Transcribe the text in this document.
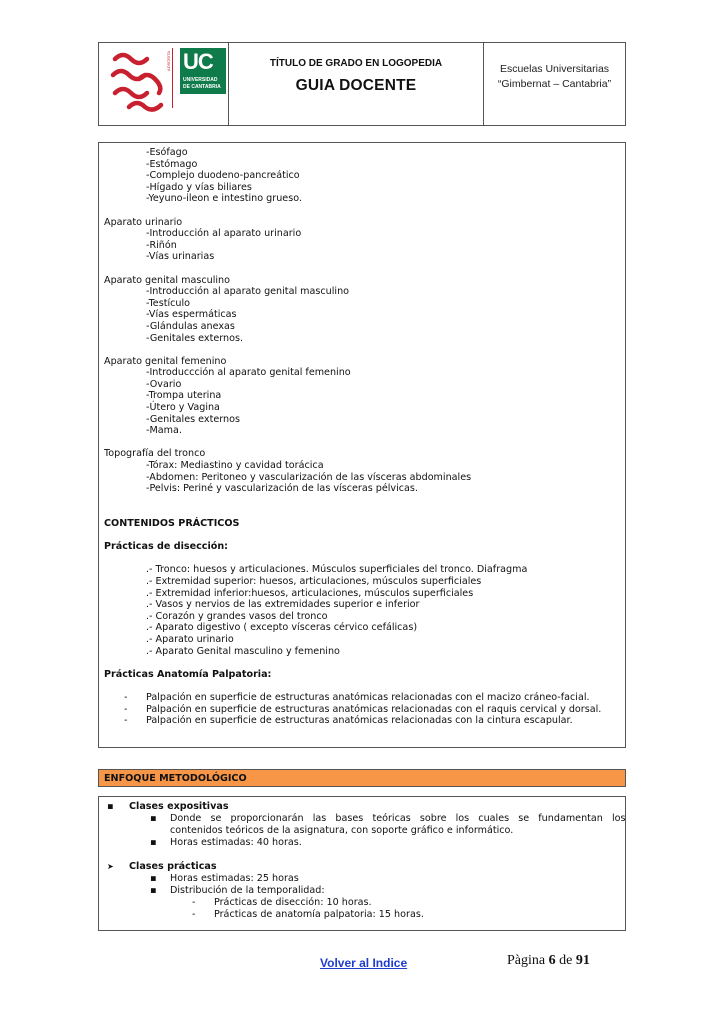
ADSCRITA UC
UNIVERSIDAD
DE CANTABRIA
TÍTULO DE GRADO EN LOGOPEDIA
GUIA DOCENTE
Escuelas Universitarias
“Gimbernat – Cantabria”

-Esófago

-Estómago

-Complejo duodeno-pancreático

-Hígado y vías biliares

-Yeyuno-ileon e intestino grueso.

Aparato urinario

-Introducción al aparato urinario

-Riñón

-Vías urinarias

Aparato genital masculino

-Introducción al aparato genital masculino

-Testículo

-Vías espermáticas

-Glándulas anexas

-Genitales externos.

Aparato genital femenino

-Introduccción al aparato genital femenino

-Ovario

-Trompa uterina

-Útero y Vagina

-Genitales externos

-Mama.

Topografía del tronco

-Tórax: Mediastino y cavidad torácica

-Abdomen: Peritoneo y vascularización de las vísceras abdominales

-Pelvis: Periné y vascularización de las vísceras pélvicas.

CONTENIDOS PRÁCTICOS

Prácticas de disección:

.- Tronco: huesos y articulaciones. Músculos superficiales del tronco. Diafragma

.- Extremidad superior: huesos, articulaciones, músculos superficiales

.- Extremidad inferior:huesos, articulaciones, músculos superficiales

.- Vasos y nervios de las extremidades superior e inferior

.- Corazón y grandes vasos del tronco

.- Aparato digestivo ( excepto vísceras cérvico cefálicas)

.- Aparato urinario

.- Aparato Genital masculino y femenino

Prácticas Anatomía Palpatoria:

- Palpación en superficie de estructuras anatómicas relacionadas con el macizo cráneo-facial.

- Palpación en superficie de estructuras anatómicas relacionadas con el raquis cervical y dorsal.

- Palpación en superficie de estructuras anatómicas relacionadas con la cintura escapular.

ENFOQUE METODOLÓGICO
▪ Clases expositivas
▪ Donde   se   proporcionarán   las   bases   teóricas   sobre   los   cuales   se   fundamentan   los
contenidos teóricos de la asignatura, con soporte gráfico e informático.
▪ Horas estimadas: 40 horas.
➤ Clases prácticas
▪ Horas estimadas: 25 horas
▪ Distribución de la temporalidad:
- Prácticas de disección: 10 horas.
- Prácticas de anatomía palpatoria: 15 horas.
Volver al Indice	Pàgina 6 de 91
